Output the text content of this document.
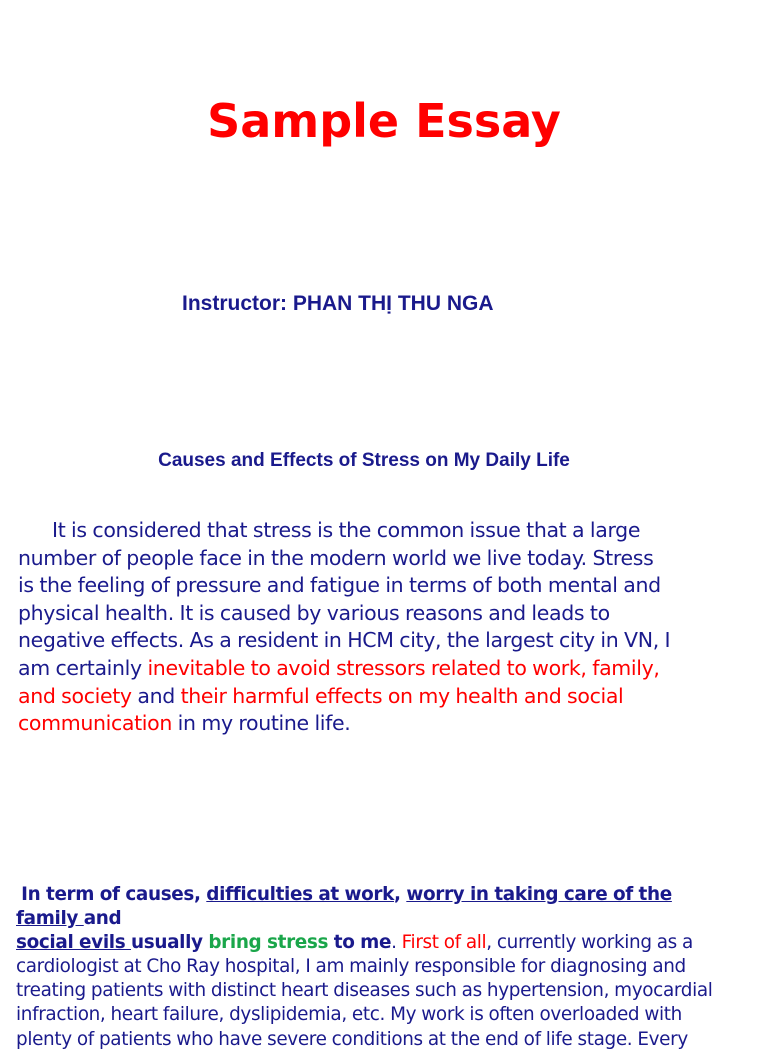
Sample Essay
Instructor: PHAN THỊ THU NGA
Causes and Effects of Stress on My Daily Life
It is considered that stress is the common issue that a large
number of people face in the modern world we live today. Stress
is the feeling of pressure and fatigue in terms of both mental and
physical health. It is caused by various reasons and leads to
negative effects. As a resident in HCM city, the largest city in VN, I
am certainly inevitable to avoid stressors related to work, family,
and society and their harmful effects on my health and social
communication in my routine life.
In term of causes, difficulties at work, worry in taking care of the family and
social evils usually bring stress to me. First of all, currently working as a
cardiologist at Cho Ray hospital, I am mainly responsible for diagnosing and
treating patients with distinct heart diseases such as hypertension, myocardial
infraction, heart failure, dyslipidemia, etc. My work is often overloaded with
plenty of patients who have severe conditions at the end of life stage. Every
